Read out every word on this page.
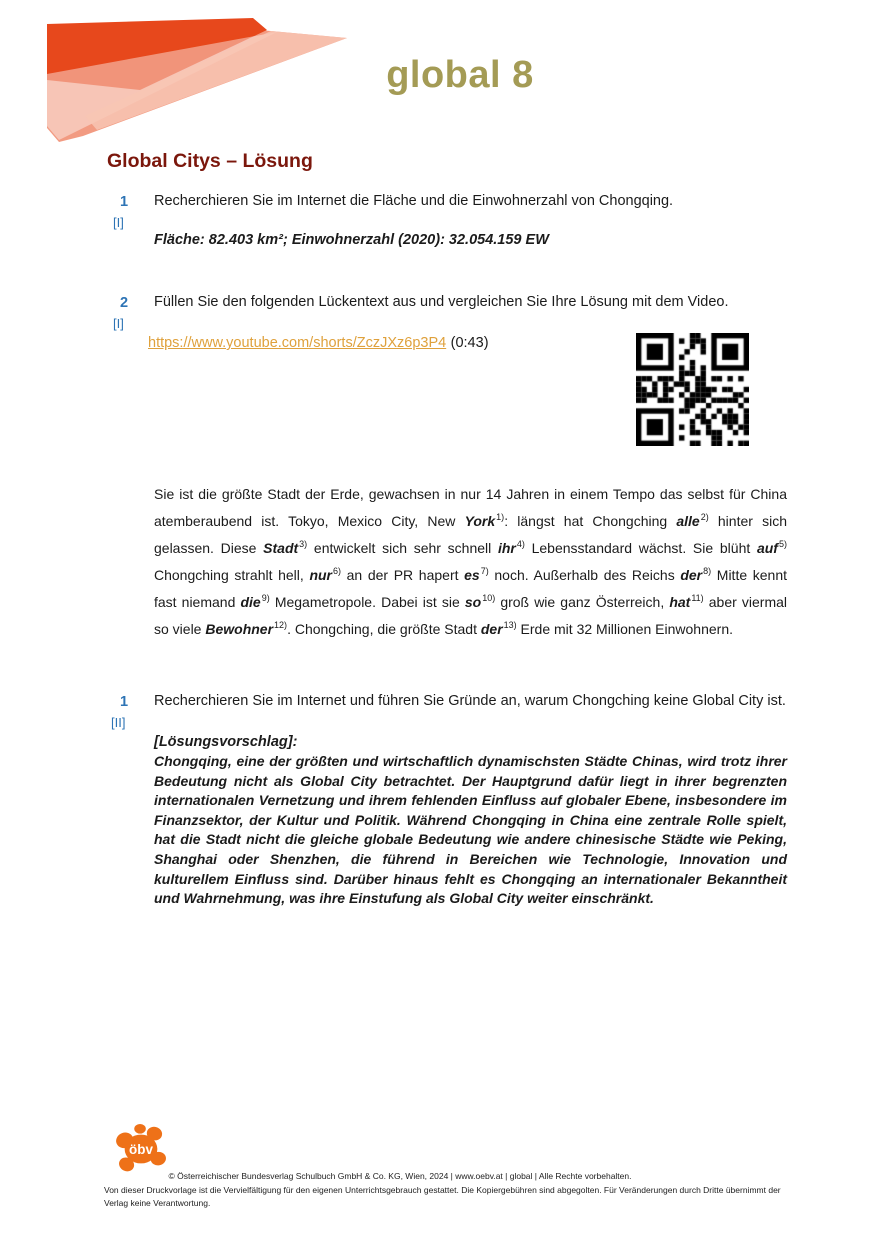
global 8
Global Citys – Lösung
1
[I]
Recherchieren Sie im Internet die Fläche und die Einwohnerzahl von Chongqing.
Fläche: 82.403 km²; Einwohnerzahl (2020): 32.054.159 EW
2
[I]
Füllen Sie den folgenden Lückentext aus und vergleichen Sie Ihre Lösung mit dem Video.
https://www.youtube.com/shorts/ZczJXz6p3P4 (0:43)
Sie ist die größte Stadt der Erde, gewachsen in nur 14 Jahren in einem Tempo das selbst für China atemberaubend ist. Tokyo, Mexico City, New York$^{1)}$: längst hat Chongching alle$^{2)}$ hinter sich gelassen. Diese Stadt$^{3)}$ entwickelt sich sehr schnell ihr$^{4)}$ Lebensstandard wächst. Sie blüht auf$^{5)}$ Chongching strahlt hell, nur$^{6)}$ an der PR hapert $es^{7)}$ noch. Außerhalb des Reichs der$^{8)}$ Mitte kennt fast niemand die$^{9)}$ Megametropole. Dabei ist sie $so^{10)}$ groß wie ganz Österreich, hat$^{11)}$ aber viermal so viele Bewohner$^{12)}$. Chongching, die größte Stadt der$^{13)}$ Erde mit 32 Millionen Einwohnern.
1
[II]
Recherchieren Sie im Internet und führen Sie Gründe an, warum Chongching keine Global City ist.
[Lösungsvorschlag]:
Chongqing, eine der größten und wirtschaftlich dynamischsten Städte Chinas, wird trotz ihrer Bedeutung nicht als Global City betrachtet. Der Hauptgrund dafür liegt in ihrer begrenzten internationalen Vernetzung und ihrem fehlenden Einfluss auf globaler Ebene, insbesondere im Finanzsektor, der Kultur und Politik. Während Chongqing in China eine zentrale Rolle spielt, hat die Stadt nicht die gleiche globale Bedeutung wie andere chinesische Städte wie Peking, Shanghai oder Shenzhen, die führend in Bereichen wie Technologie, Innovation und kulturellem Einfluss sind. Darüber hinaus fehlt es Chongqing an internationaler Bekanntheit und Wahrnehmung, was ihre Einstufung als Global City weiter einschränkt.
öbv
© Österreichischer Bundesverlag Schulbuch GmbH & Co. KG, Wien, 2024 | www.oebv.at | global | Alle Rechte vorbehalten.
Von dieser Druckvorlage ist die Vervielfältigung für den eigenen Unterrichtsgebrauch gestattet. Die Kopiergebühren sind abgegolten. Für Veränderungen durch Dritte übernimmt der Verlag keine Verantwortung.
